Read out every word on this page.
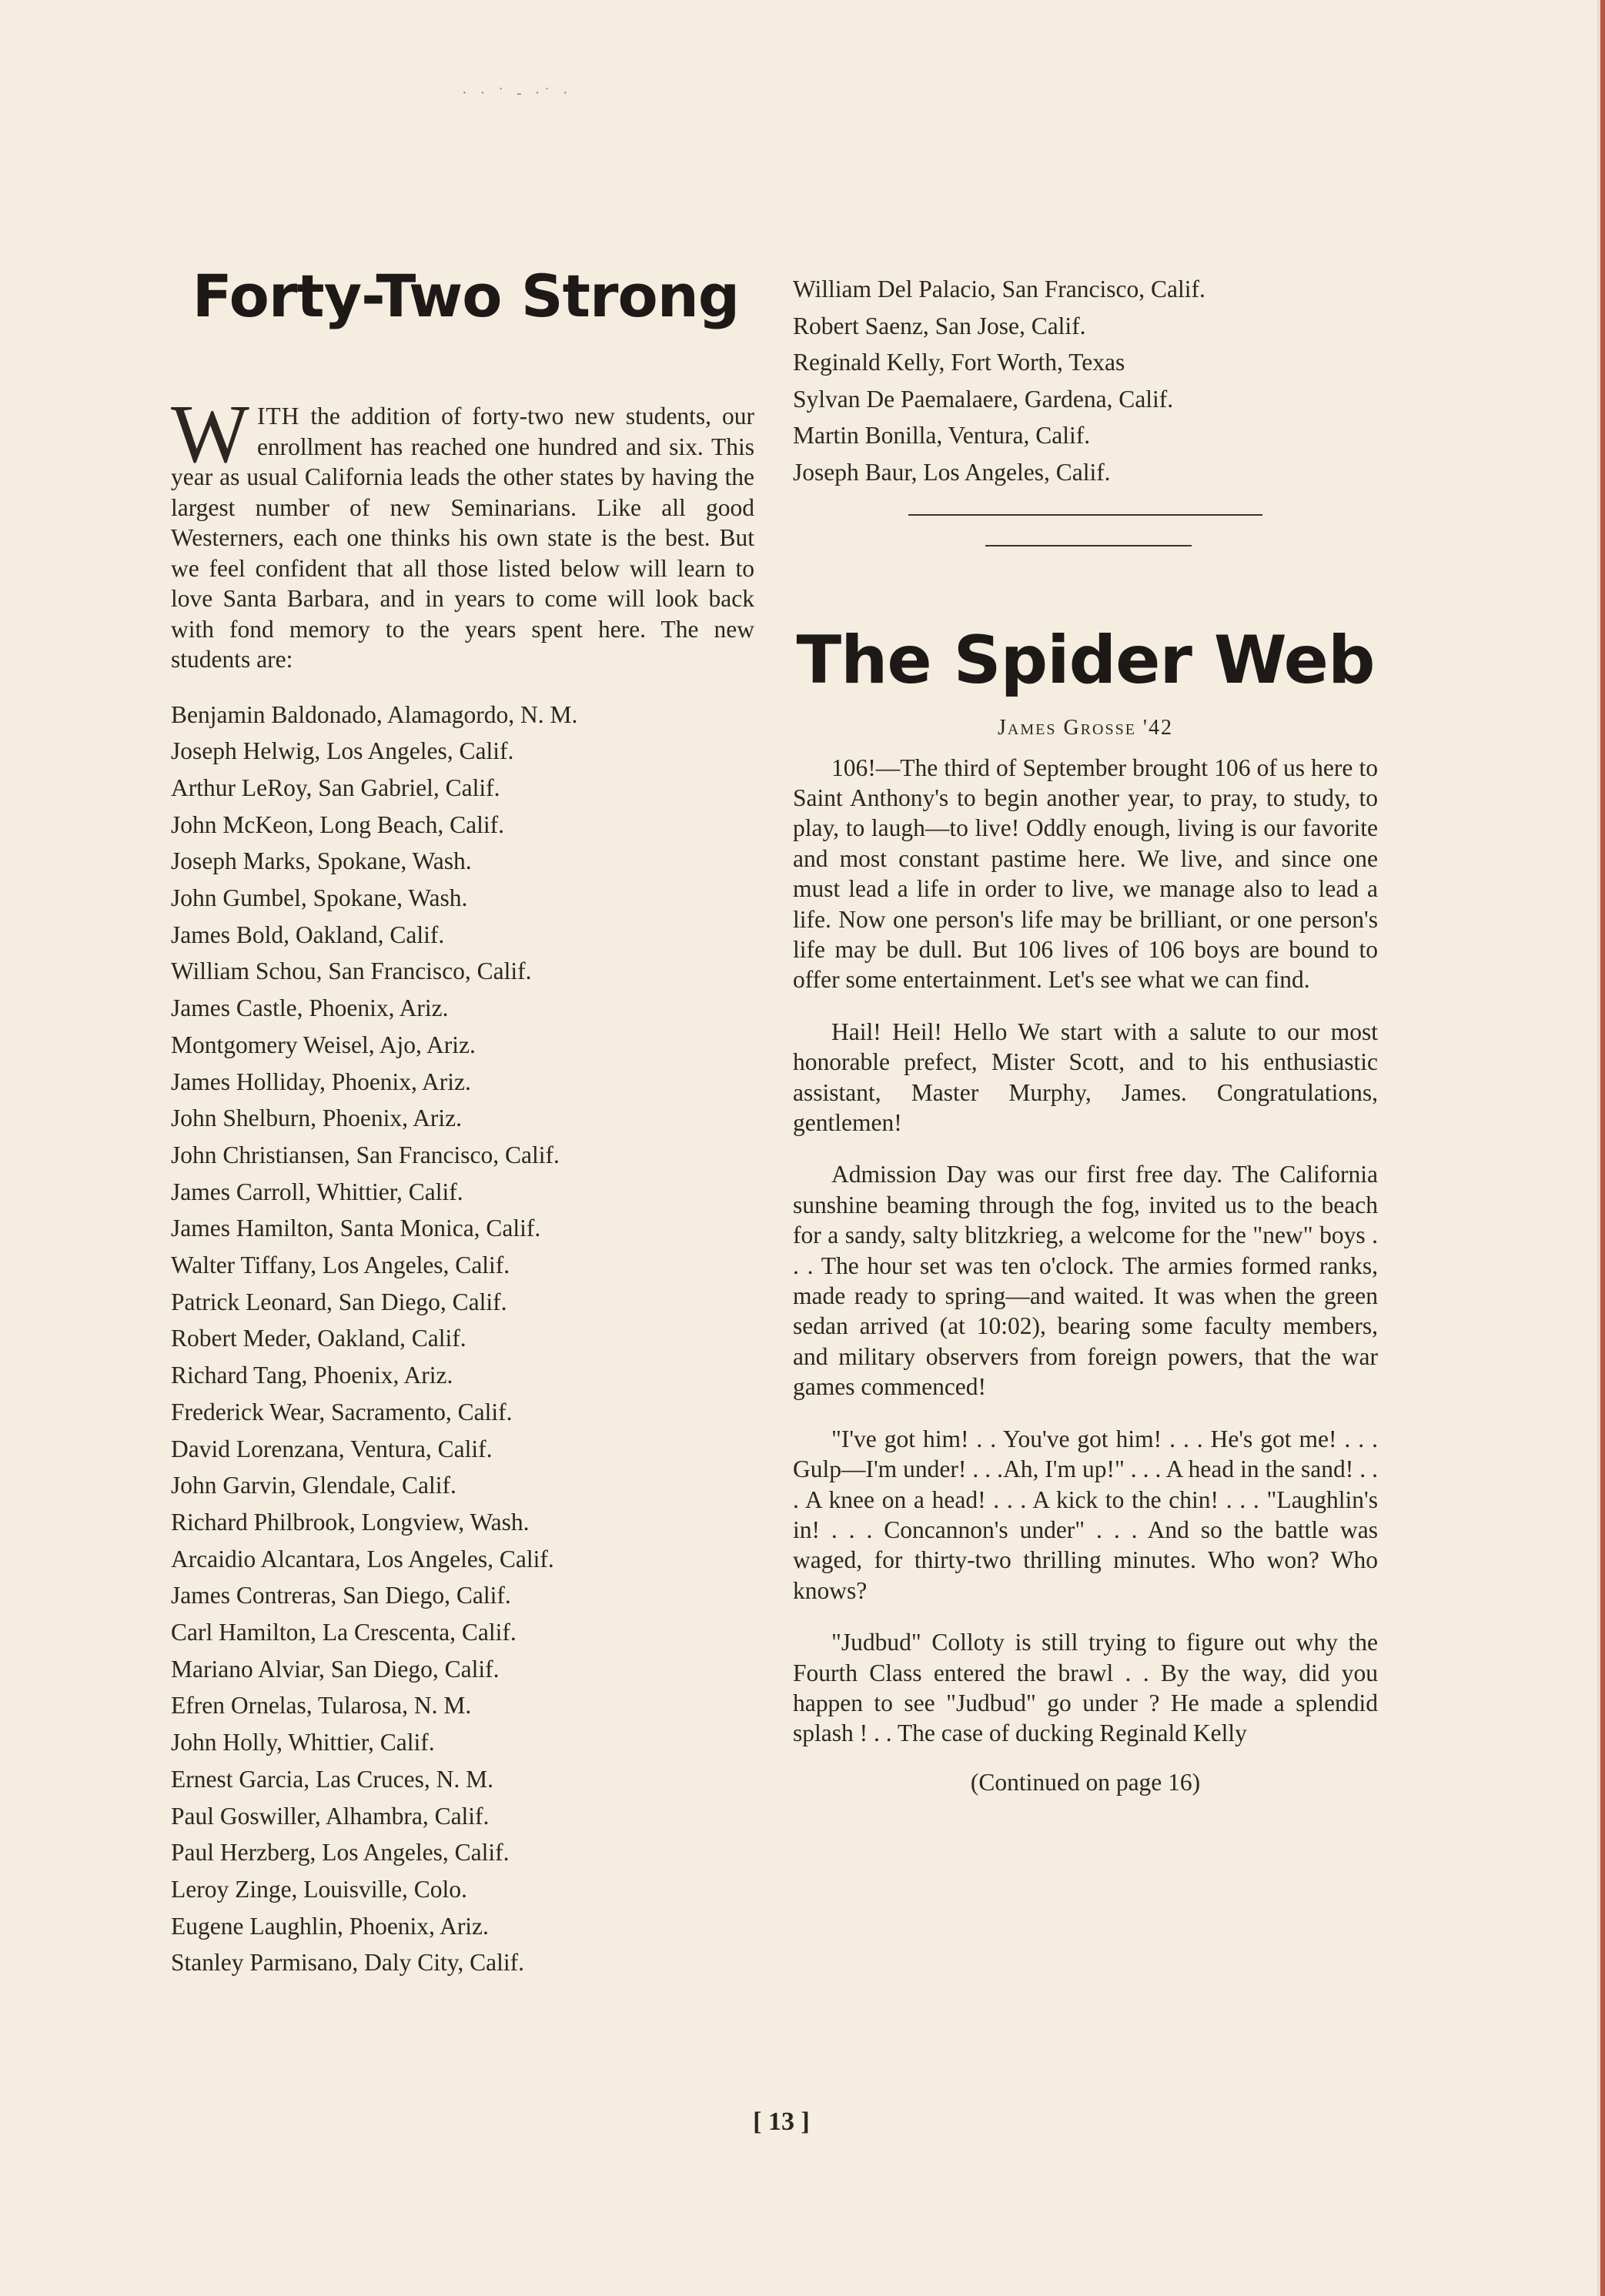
· · ˙ - ·˙ ·
Forty-Two Strong
WITH the addition of forty-two new students, our enrollment has reached one hundred and six. This year as usual California leads the other states by having the largest number of new Seminarians. Like all good Westerners, each one thinks his own state is the best. But we feel confident that all those listed below will learn to love Santa Barbara, and in years to come will look back with fond memory to the years spent here. The new students are:
Benjamin Baldonado, Alamagordo, N. M.
Joseph Helwig, Los Angeles, Calif.
Arthur LeRoy, San Gabriel, Calif.
John McKeon, Long Beach, Calif.
Joseph Marks, Spokane, Wash.
John Gumbel, Spokane, Wash.
James Bold, Oakland, Calif.
William Schou, San Francisco, Calif.
James Castle, Phoenix, Ariz.
Montgomery Weisel, Ajo, Ariz.
James Holliday, Phoenix, Ariz.
John Shelburn, Phoenix, Ariz.
John Christiansen, San Francisco, Calif.
James Carroll, Whittier, Calif.
James Hamilton, Santa Monica, Calif.
Walter Tiffany, Los Angeles, Calif.
Patrick Leonard, San Diego, Calif.
Robert Meder, Oakland, Calif.
Richard Tang, Phoenix, Ariz.
Frederick Wear, Sacramento, Calif.
David Lorenzana, Ventura, Calif.
John Garvin, Glendale, Calif.
Richard Philbrook, Longview, Wash.
Arcaidio Alcantara, Los Angeles, Calif.
James Contreras, San Diego, Calif.
Carl Hamilton, La Crescenta, Calif.
Mariano Alviar, San Diego, Calif.
Efren Ornelas, Tularosa, N. M.
John Holly, Whittier, Calif.
Ernest Garcia, Las Cruces, N. M.
Paul Goswiller, Alhambra, Calif.
Paul Herzberg, Los Angeles, Calif.
Leroy Zinge, Louisville, Colo.
Eugene Laughlin, Phoenix, Ariz.
Stanley Parmisano, Daly City, Calif.
William Del Palacio, San Francisco, Calif.
Robert Saenz, San Jose, Calif.
Reginald Kelly, Fort Worth, Texas
Sylvan De Paemalaere, Gardena, Calif.
Martin Bonilla, Ventura, Calif.
Joseph Baur, Los Angeles, Calif.
The Spider Web
James Grosse '42

106!—The third of September brought 106 of us here to Saint Anthony's to begin another year, to pray, to study, to play, to laugh—to live! Oddly enough, living is our favorite and most constant pastime here. We live, and since one must lead a life in order to live, we manage also to lead a life. Now one person's life may be brilliant, or one person's life may be dull. But 106 lives of 106 boys are bound to offer some entertainment. Let's see what we can find.

Hail! Heil! Hello We start with a salute to our most honorable prefect, Mister Scott, and to his enthusiastic assistant, Master Murphy, James. Congratulations, gentlemen!

Admission Day was our first free day. The California sunshine beaming through the fog, invited us to the beach for a sandy, salty blitzkrieg, a welcome for the "new" boys . . . The hour set was ten o'clock. The armies formed ranks, made ready to spring—and waited. It was when the green sedan arrived (at 10:02), bearing some faculty members, and military observers from foreign powers, that the war games commenced!

"I've got him! . . You've got him! . . . He's got me! . . . Gulp—I'm under! . . .Ah, I'm up!" . . . A head in the sand! . . . A knee on a head! . . . A kick to the chin! . . . "Laughlin's in! . . . Concannon's under" . . . And so the battle was waged, for thirty-two thrilling minutes. Who won? Who knows?

"Judbud" Colloty is still trying to figure out why the Fourth Class entered the brawl . . By the way, did you happen to see "Judbud" go under ? He made a splendid splash ! . . The case of ducking Reginald Kelly

(Continued on page 16)
[ 13 ]
